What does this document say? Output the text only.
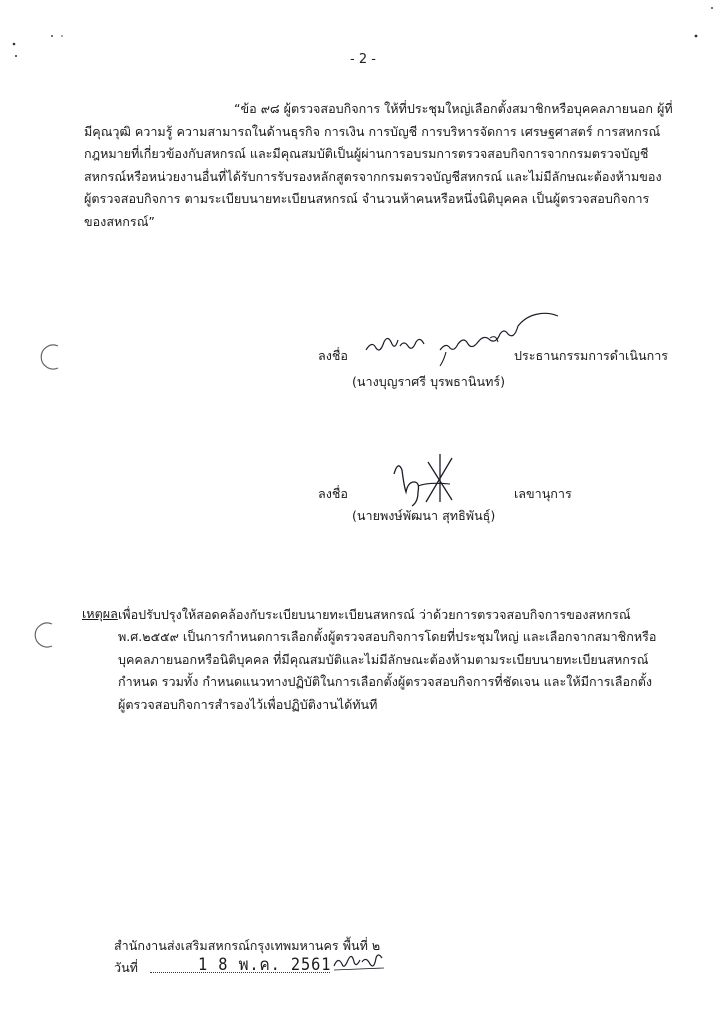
- 2 -
“ข้อ ๙๘ ผู้ตรวจสอบกิจการ ให้ที่ประชุมใหญ่เลือกตั้งสมาชิกหรือบุคคลภายนอก ผู้ที่
มีคุณวุฒิ ความรู้ ความสามารถในด้านธุรกิจ การเงิน การบัญชี การบริหารจัดการ เศรษฐศาสตร์ การสหกรณ์
กฎหมายที่เกี่ยวข้องกับสหกรณ์ และมีคุณสมบัติเป็นผู้ผ่านการอบรมการตรวจสอบกิจการจากกรมตรวจบัญชี
สหกรณ์หรือหน่วยงานอื่นที่ได้รับการรับรองหลักสูตรจากกรมตรวจบัญชีสหกรณ์ และไม่มีลักษณะต้องห้ามของ
ผู้ตรวจสอบกิจการ ตามระเบียบนายทะเบียนสหกรณ์ จำนวนห้าคนหรือหนึ่งนิติบุคคล เป็นผู้ตรวจสอบกิจการ
ของสหกรณ์”
ลงชื่อ	ประธานกรรมการดำเนินการ
(นางบุญราศรี บุรพธานินทร์)
ลงชื่อ	เลขานุการ
(นายพงษ์พัฒนา สุทธิพันธุ์)
เหตุผล เพื่อปรับปรุงให้สอดคล้องกับระเบียบนายทะเบียนสหกรณ์ ว่าด้วยการตรวจสอบกิจการของสหกรณ์
พ.ศ.๒๕๕๙ เป็นการกำหนดการเลือกตั้งผู้ตรวจสอบกิจการโดยที่ประชุมใหญ่ และเลือกจากสมาชิกหรือ
บุคคลภายนอกหรือนิติบุคคล ที่มีคุณสมบัติและไม่มีลักษณะต้องห้ามตามระเบียบนายทะเบียนสหกรณ์
กำหนด รวมทั้ง กำหนดแนวทางปฏิบัติในการเลือกตั้งผู้ตรวจสอบกิจการที่ชัดเจน และให้มีการเลือกตั้ง
ผู้ตรวจสอบกิจการสำรองไว้เพื่อปฏิบัติงานได้ทันที
สำนักงานส่งเสริมสหกรณ์กรุงเทพมหานคร พื้นที่ ๒
วันที่	1 8 พ.ค. 2561
